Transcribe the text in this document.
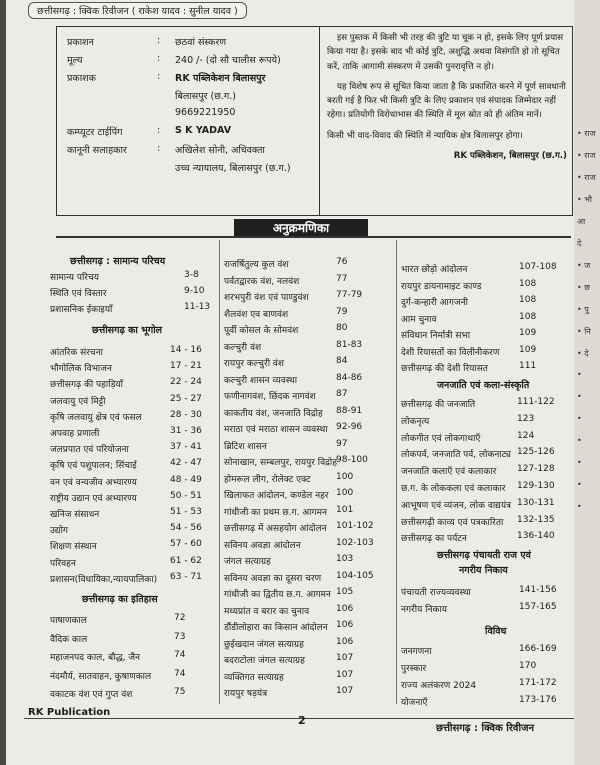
छत्तीसगढ़ : क्विक रिवीजन ( राकेश यादव : सुनील यादव )
प्रकाशन	: छठवां संस्करण
मूल्य	: 240 /- (दो सौ चालीस रूपये)
प्रकाशक	: RK पब्लिकेशन बिलासपुर
बिलासपुर (छ.ग.)
9669221950
कम्प्यूटर टाईपिंग	: S K YADAV
कानूनी सलाहकार	: अखिलेश सोनी, अधिवक्ता
उच्च न्यायालय, बिलासपुर (छ.ग.)

इस पुस्तक में किसी भी तरह की त्रुटि या चूक न हो, इसके लिए पूर्ण प्रयास किया गया है। इसके बाद भी कोई त्रुटि, अशुद्धि अथवा विसंगति हो तो सूचित करें, ताकि आगामी संस्करण में उसकी पुनरावृत्ति न हो।

यह विशेष रूप से सूचित किया जाता है कि प्रकाशित करने में पूर्ण सावधानी बरती गई है फिर भी किसी त्रुटि के लिए प्रकाशन एवं संपादक जिम्मेदार नहीं रहेगा। प्रतियोगी विरोधाभास की स्थिति में मूल स्रोत को ही अंतिम मानें।

किसी भी वाद-विवाद की स्थिति में न्यायिक क्षेत्र बिलासपुर होगा।

RK पब्लिकेशन, बिलासपुर (छ.ग.)

अनुक्रमणिका
छत्तीसगढ़ : सामान्य परिचय
सामान्य परिचय	3-8
स्थिति एवं विस्तार	9-10
प्रशासनिक ईकाइयाँ	11-13
छत्तीसगढ़ का भूगोल
आंतरिक संरचना	14 - 16
भौगोलिक विभाजन	17 - 21
छत्तीसगढ़ की पहाड़ियाँ	22 - 24
जलवायु एवं मिट्टी	25 - 27
कृषि जलवायु क्षेत्र एवं फसल	28 - 30
अपवाह प्रणाली	31 - 36
जलप्रपात एवं परियोजना	37 - 41
कृषि एवं पशुपालन; सिंचाई	42 - 47
वन एवं वन्यजीव अभ्यारण्य	48 - 49
राष्ट्रीय उद्यान एवं अभ्यारण्य	50 - 51
खनिज संसाधन	51 - 53
उद्योग	54 - 56
शिक्षण संस्थान	57 - 60
परिवहन	61 - 62
प्रशासन(विधायिका,न्यायपालिका) 63 - 71
छत्तीसगढ़ का इतिहास
पाषाणकाल	72
वैदिक काल	73
महाजनपद काल, बौद्ध, जैन	74
नंदमौर्य, सातवाहन, कुषाणकाल	74
वकाटक वंश एवं गुप्त वंश	75
राजर्षितुल्य कुल वंश	76
पर्वतद्वारक वंश, नलवंश	77
शरभपुरी वंश एवं पाण्डुवंश	77-79
शैलवंश एव बाणवंश	79
पूर्वी कोसल के सोमवंश	80
कल्चुरी वंश	81-83
रायपुर कल्चुरी वंश	84
कल्चुरी शासन व्यवस्था	84-86
फणीनागवंश, छिंदक नागवंश 87
काकतीय वंश, जनजाति विद्रोह 88-91
मराठा एवं मराठा शासन व्यवस्था 92-96
ब्रिटिश शासन	97
सोनाखान, सम्बलपुर, रायपुर विद्रोह
98-100
होमरूल लीग, रोलेक्ट एक्ट	100
खिलाफत आंदोलन, कण्डेल नहर 100
गांधीजी का प्रथम छ.ग. आगमन 101
छत्तीसगढ़ में असहयोग आंदोलन 101-102
सविनय अवज्ञा आंदोलन	102-103
जंगल सत्याग्रह	103
सविनय अवज्ञा का दूसरा चरण 104-105
गांधीजी का द्वितीय छ.ग. आगमन 105
मध्यप्रांत व बरार का चुनाव	106
डौंडीलोहारा का किसान आंदोलन 106
छुईखदान जंगल सत्याग्रह	106
बदराटोला जंगल सत्याग्रह	107
व्यक्तिगत सत्याग्रह	107
रायपुर षड़यंत्र	107
भारत छोड़ो आंदोलन	107-108
रायपुर डायनामाइट काण्ड	108
दुर्ग-कन्हारी आगजनी	108
आम चुनाव	108
संविधान निर्मात्री सभा	109
देशी रियासतों का विलीनीकरण 109
छत्तीसगढ़ की देशी रियासत	111
जनजाति एवं कला-संस्कृति
छत्तीसगढ़ की जनजाति	111-122
लोकनृत्य	123
लोकगीत एवं लोकगाथाएँ	124
लोकपर्व, जनजाति पर्व, लोकनाट्य 125-126
जनजाति कलाएँ एवं कलाकार 127-128
छ.ग. के लोककला एवं कलाकार 129-130
आभूषण एवं व्यंजन, लोक वाद्ययंत्र 130-131
छत्तीसगढ़ी काव्य एवं पत्रकारिता 132-135
छत्तीसगढ़ का पर्यटन	136-140
छत्तीसगढ़ पंचायती राज एवं
नगरीय निकाय
पंचायती राज्यव्यवस्था	141-156
नगरीय निकाय	157-165
विविध
जनगणना	166-169
पुरस्कार	170
राज्य अलंकरण 2024	171-172
योजनाएँ	173-176
RK Publication
2
छत्तीसगढ़ : क्विक रिवीजन
• राज
• राज
• राज
• भौ
आ
दे
• ज
• छ
• पु
• नि
• दे
•
•
•
•
•
•
•
